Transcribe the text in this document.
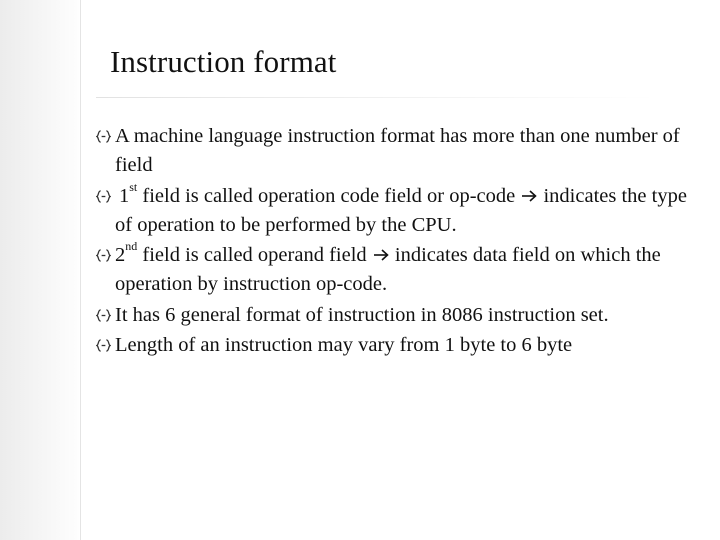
Instruction format
A machine language instruction format has more than one number of field
1st field is called operation code field or op-code  indicates the type of operation to be performed by the CPU.
2nd field is called operand field  indicates data field on which the operation by instruction op-code.
It has 6 general format of instruction in 8086 instruction set.
Length of an instruction may vary from 1 byte to 6 byte
